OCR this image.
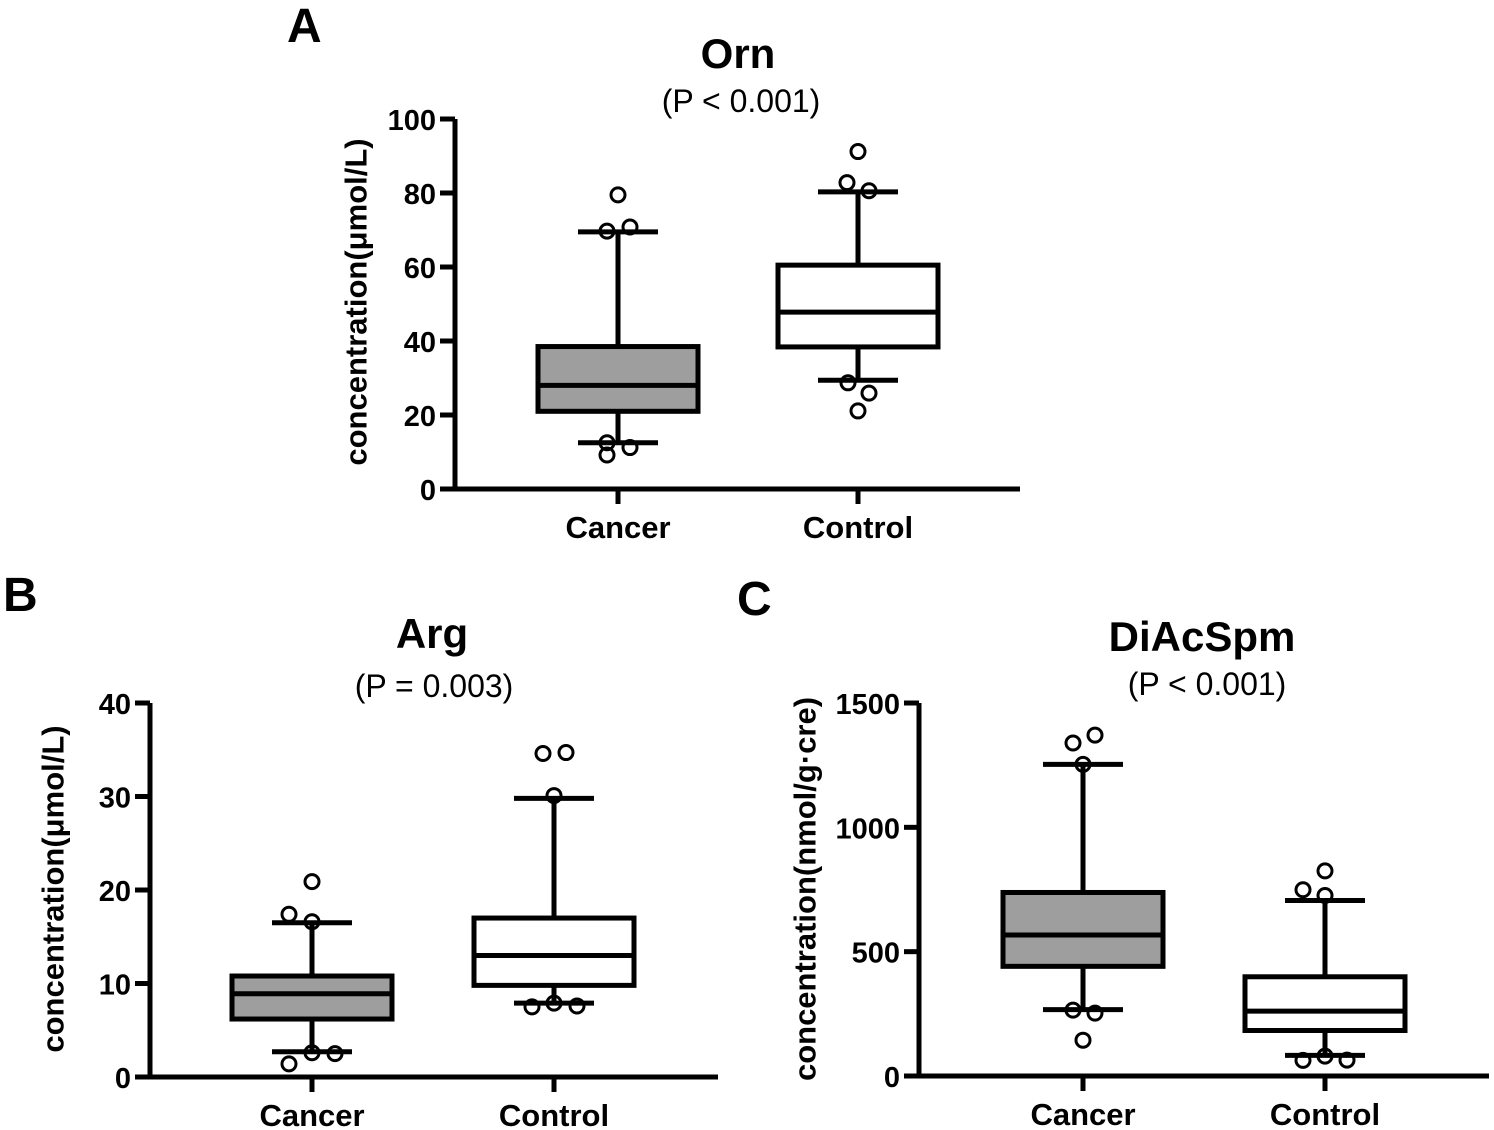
0
20
40
60
80
100
Cancer	Control
0
10
20
30
40
Cancer	Control
0
500
1000
1500
Cancer	Control
A
B	C
Orn
Arg	DiAcSpm
(P < 0.001)
(P = 0.003)	(P < 0.001)
concentration(μmol/L)
concentration(μmol/L)	concentration(nmol/g·cre)
